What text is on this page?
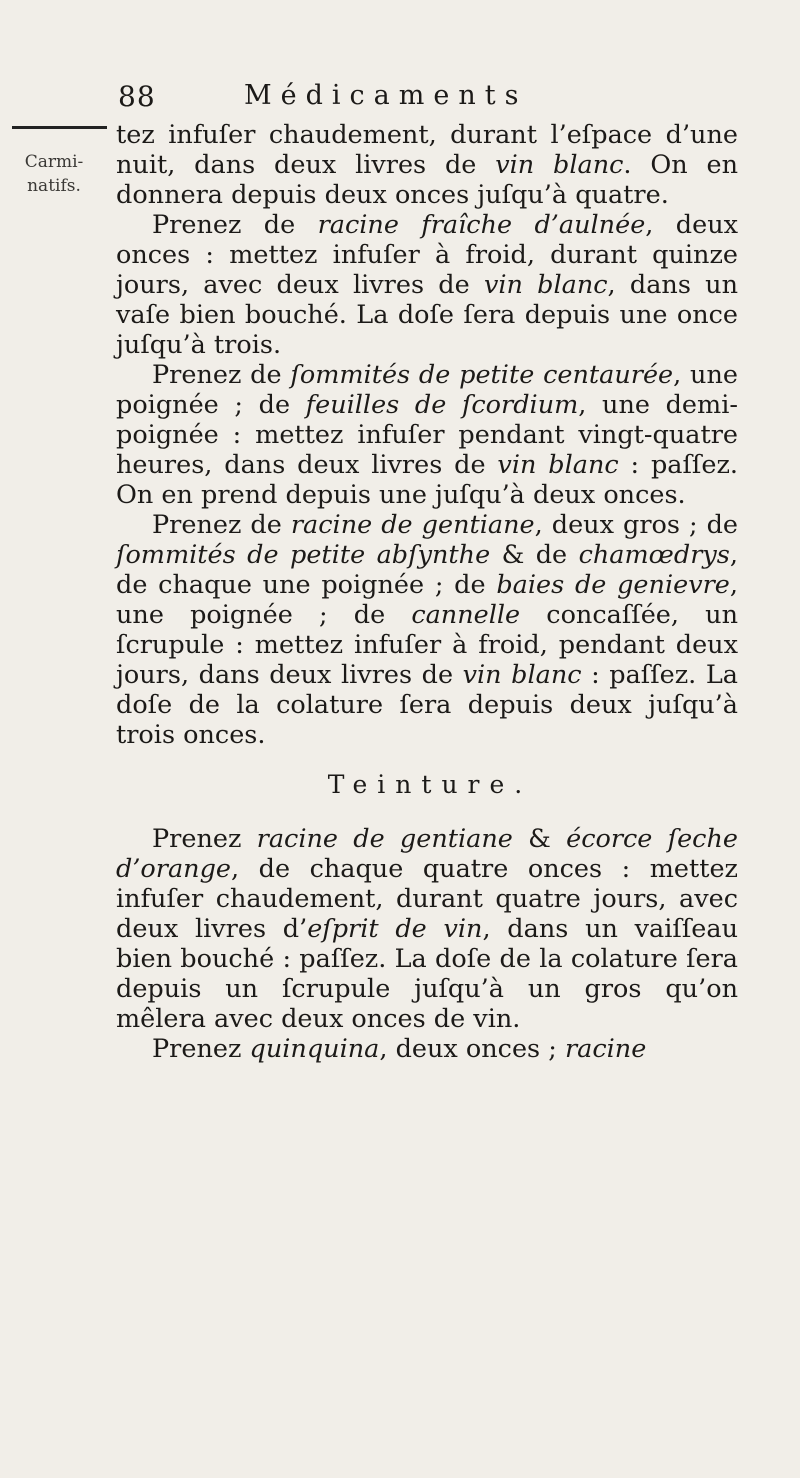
88	Médicaments
Carmi-
natifs.

tez infuſer chaudement, durant l’eſpace d’une nuit, dans deux livres de vin blanc. On en donnera depuis deux onces juſqu’à quatre.

Prenez de racine fraîche d’aulnée, deux onces : mettez infuſer à froid, durant quinze jours, avec deux livres de vin blanc, dans un vaſe bien bouché. La doſe ſera depuis une once juſqu’à trois.

Prenez de ſommités de petite centaurée, une poignée ; de feuilles de ſcordium, une demi-poignée : mettez infuſer pendant vingt-quatre heures, dans deux livres de vin blanc : paſſez. On en prend depuis une juſqu’à deux onces.

Prenez de racine de gentiane, deux gros ; de ſommités de petite abſynthe & de chamœdrys, de chaque une poignée ; de baies de genievre, une poignée ; de cannelle concaſſée, un ſcrupule : mettez infuſer à froid, pendant deux jours, dans deux livres de vin blanc : paſſez. La doſe de la colature ſera depuis deux juſqu’à trois onces.

Teinture.

Prenez racine de gentiane & écorce ſeche d’orange, de chaque quatre onces : mettez infuſer chaudement, durant quatre jours, avec deux livres d’eſprit de vin, dans un vaiſſeau bien bouché : paſſez. La doſe de la colature ſera depuis un ſcrupule juſqu’à un gros qu’on mêlera avec deux onces de vin.

Prenez quinquina, deux onces ; racine
